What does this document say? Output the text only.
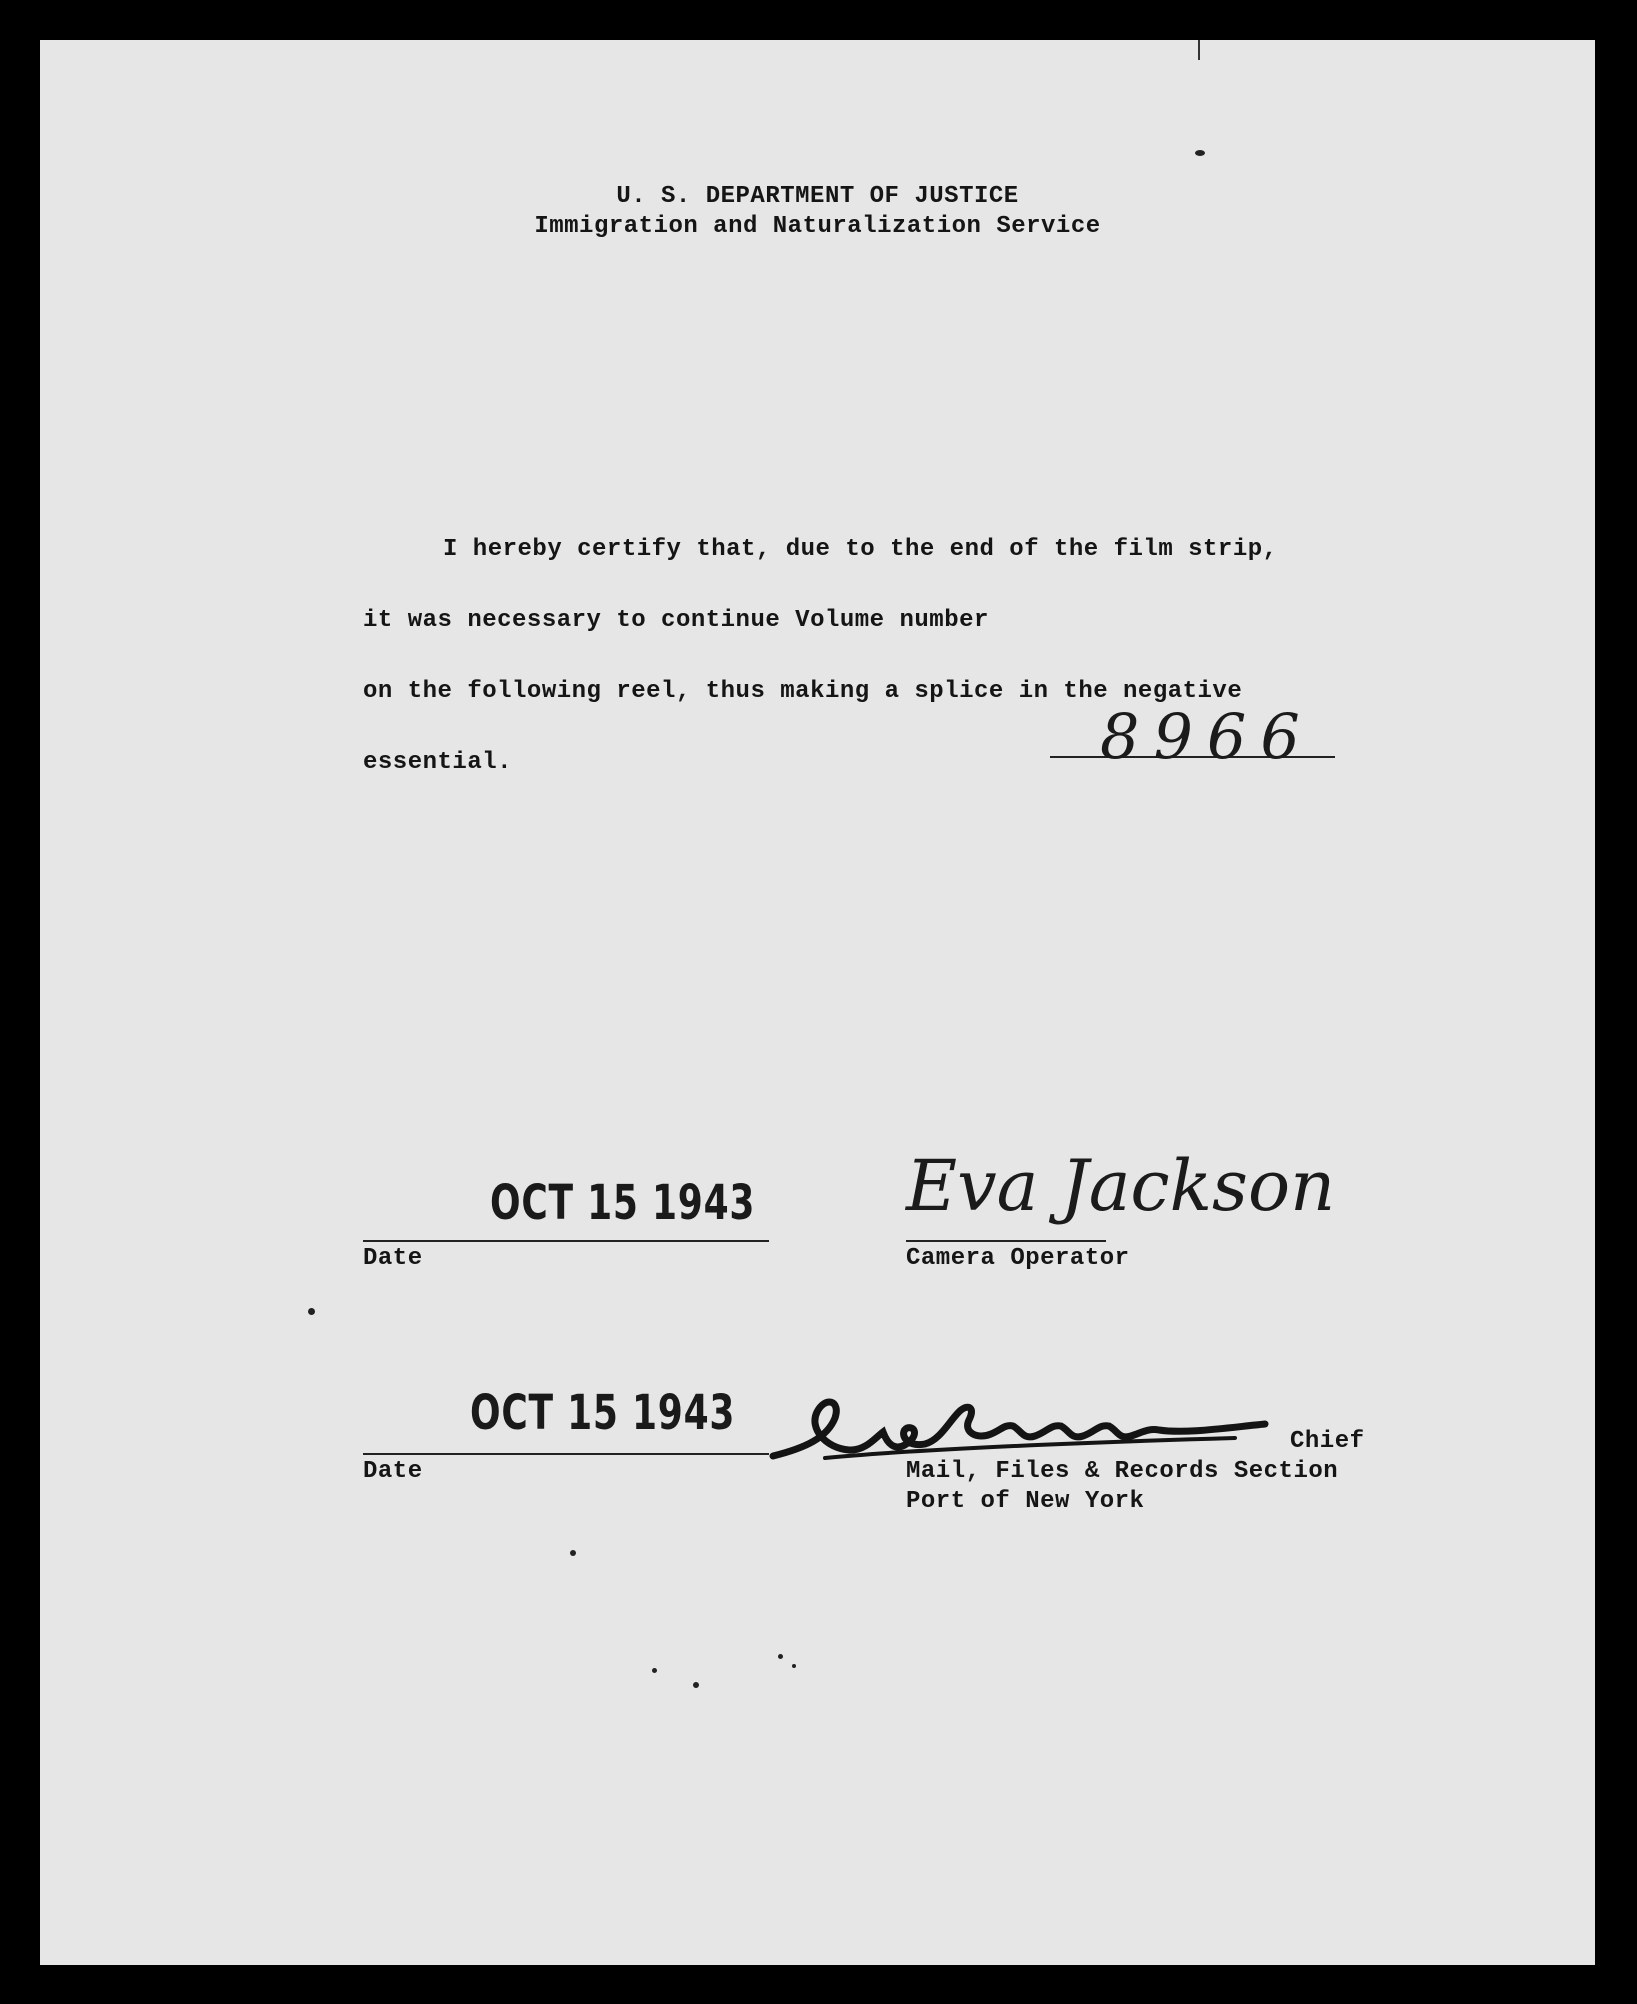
U. S. DEPARTMENT OF JUSTICE
Immigration and Naturalization Service
I hereby certify that, due to the end of the film strip,
it was necessary to continue Volume number
8966
on the following reel, thus making a splice in the negative
essential.
OCT 15 1943
Date
Eva Jackson
Camera Operator
OCT 15 1943
Date
Chief
Mail, Files & Records Section
Port of New York
